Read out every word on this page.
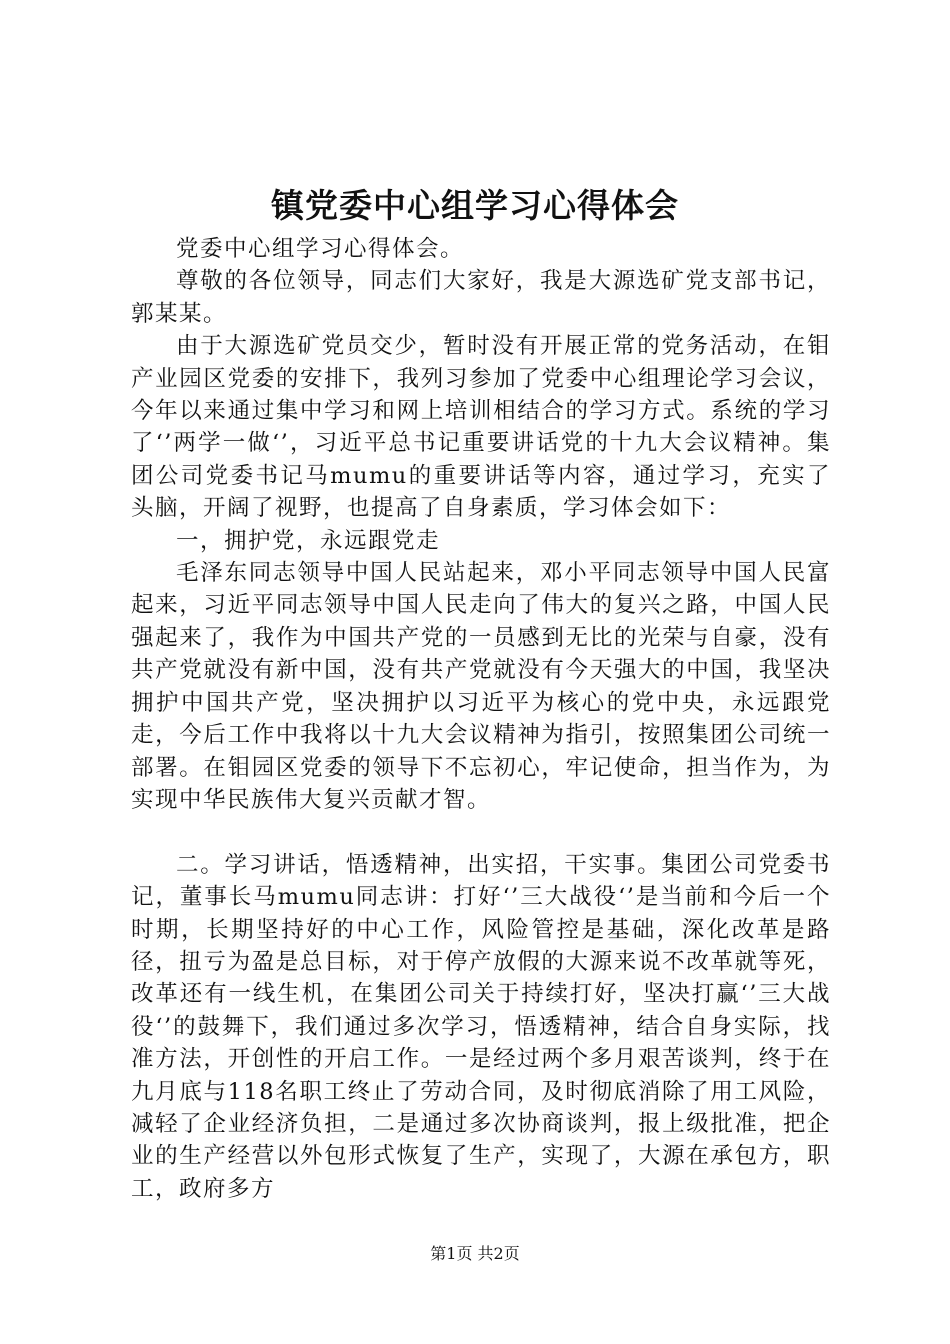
镇党委中心组学习心得体会

党委中心组学习心得体会。

尊敬的各位领导，同志们大家好，我是大源选矿党支部书记，郭某某。

由于大源选矿党员交少，暂时没有开展正常的党务活动，在钼产业园区党委的安排下，我列习参加了党委中心组理论学习会议，今年以来通过集中学习和网上培训相结合的学习方式。系统的学习了‘’两学一做‘’，习近平总书记重要讲话党的十九大会议精神。集团公司党委书记马mumu的重要讲话等内容，通过学习，充实了头脑，开阔了视野，也提高了自身素质，学习体会如下：

一，拥护党，永远跟党走

毛泽东同志领导中国人民站起来，邓小平同志领导中国人民富起来，习近平同志领导中国人民走向了伟大的复兴之路，中国人民强起来了，我作为中国共产党的一员感到无比的光荣与自豪，没有共产党就没有新中国，没有共产党就没有今天强大的中国，我坚决拥护中国共产党，坚决拥护以习近平为核心的党中央，永远跟党走，今后工作中我将以十九大会议精神为指引，按照集团公司统一部署。在钼园区党委的领导下不忘初心，牢记使命，担当作为，为实现中华民族伟大复兴贡献才智。

二。学习讲话，悟透精神，出实招，干实事。集团公司党委书记，董事长马mumu同志讲：打好‘’三大战役‘’是当前和今后一个时期，长期坚持好的中心工作，风险管控是基础，深化改革是路径，扭亏为盈是总目标，对于停产放假的大源来说不改革就等死，改革还有一线生机，在集团公司关于持续打好，坚决打赢‘’三大战役‘’的鼓舞下，我们通过多次学习，悟透精神，结合自身实际，找准方法，开创性的开启工作。一是经过两个多月艰苦谈判，终于在九月底与118名职工终止了劳动合同，及时彻底消除了用工风险，减轻了企业经济负担，二是通过多次协商谈判，报上级批准，把企业的生产经营以外包形式恢复了生产，实现了，大源在承包方，职工，政府多方

第1页 共2页
